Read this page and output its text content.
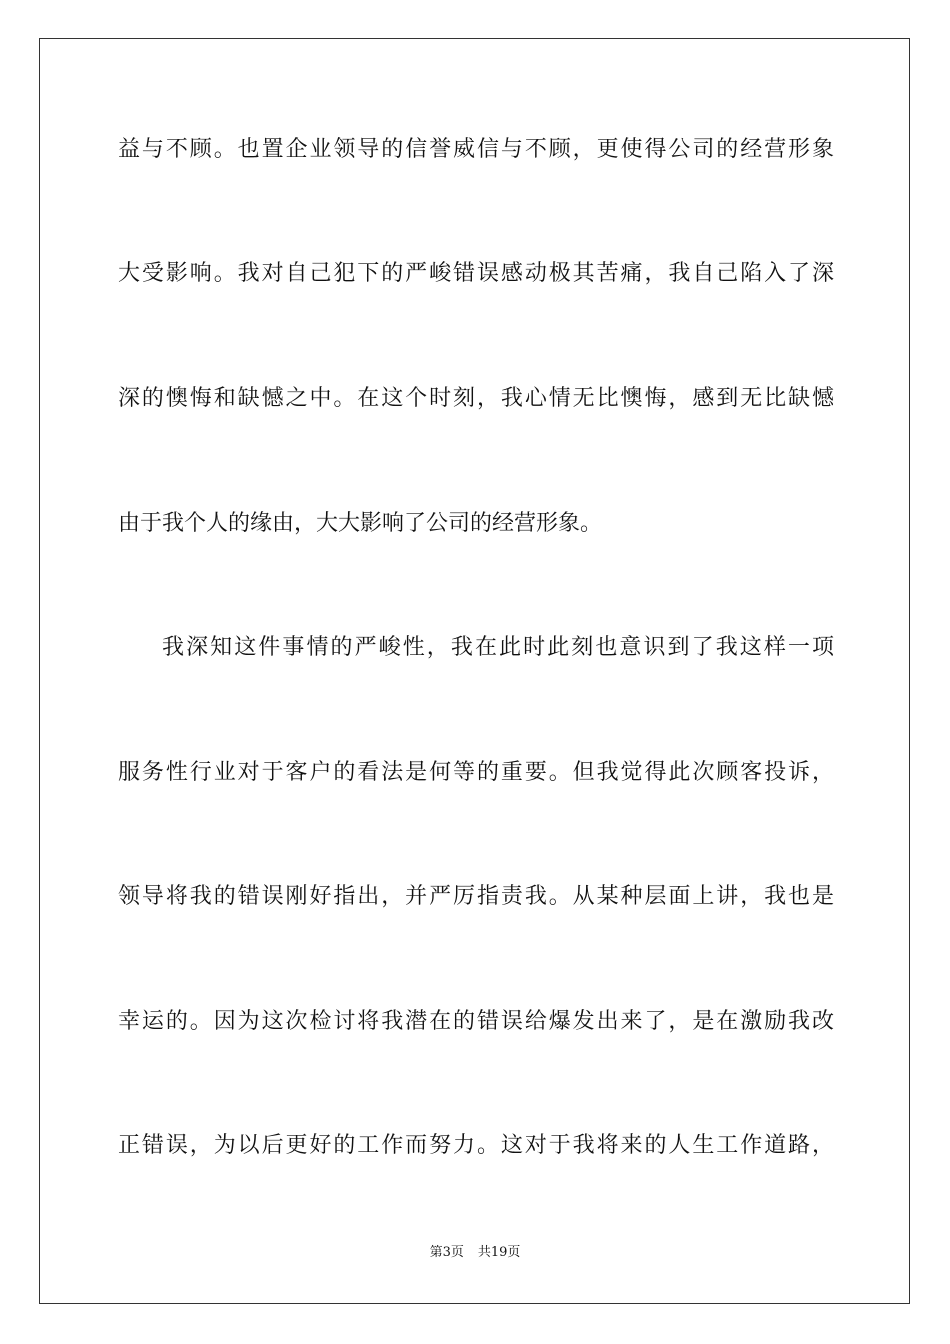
益与不顾。也置企业领导的信誉威信与不顾，更使得公司的经营形象
大受影响。我对自己犯下的严峻错误感动极其苦痛，我自己陷入了深
深的懊悔和缺憾之中。在这个时刻，我心情无比懊悔，感到无比缺憾
由于我个人的缘由，大大影响了公司的经营形象。
我深知这件事情的严峻性，我在此时此刻也意识到了我这样一项
服务性行业对于客户的看法是何等的重要。但我觉得此次顾客投诉，
领导将我的错误刚好指出，并严厉指责我。从某种层面上讲，我也是
幸运的。因为这次检讨将我潜在的错误给爆发出来了，是在激励我改
正错误，为以后更好的工作而努力。这对于我将来的人生工作道路，
第3页 共19页
